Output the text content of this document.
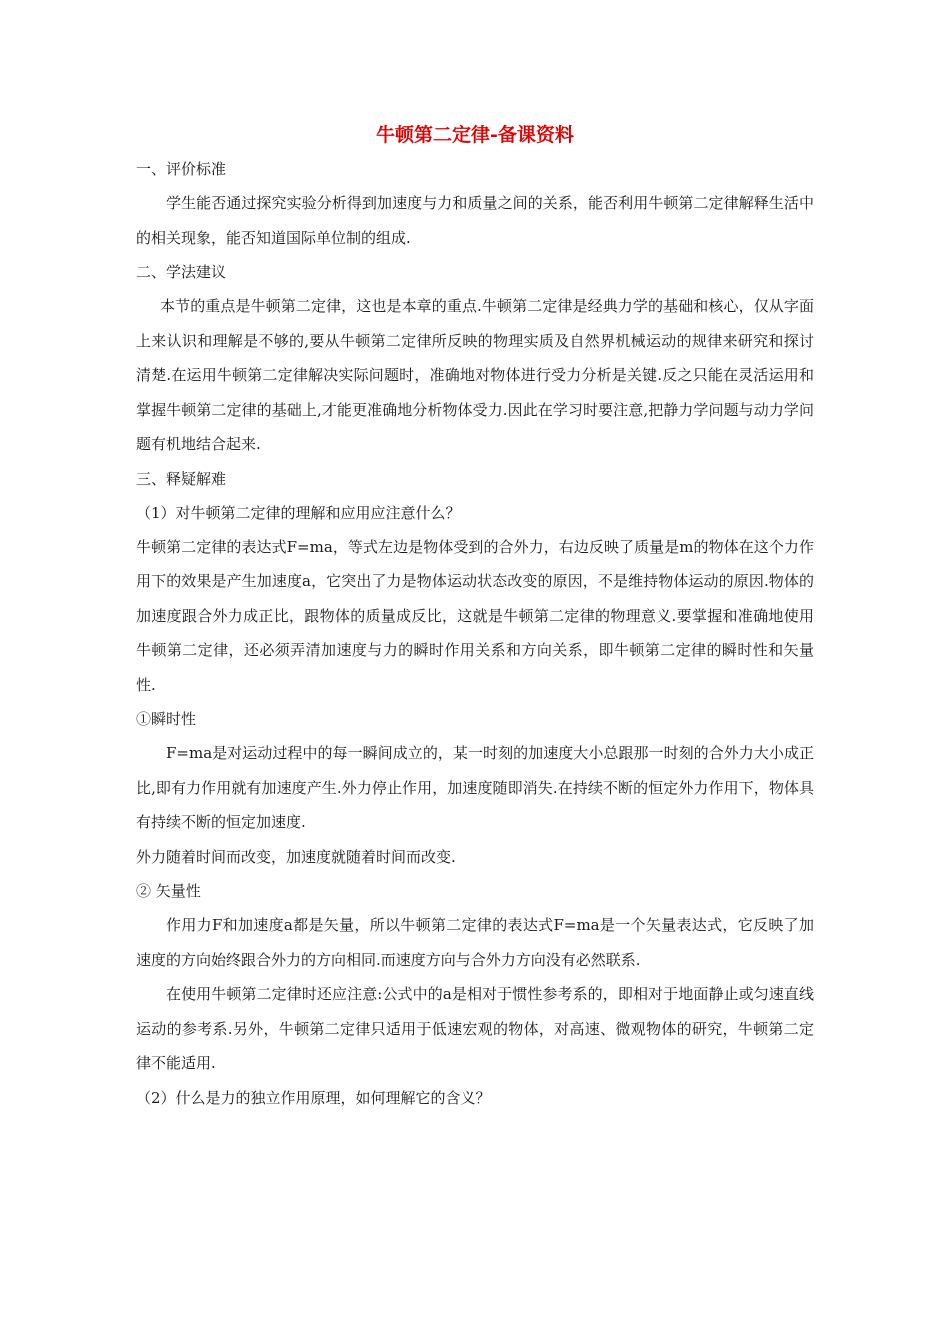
牛顿第二定律-备课资料

一、评价标准

学生能否通过探究实验分析得到加速度与力和质量之间的关系，能否利用牛顿第二定律解释生活中的相关现象，能否知道国际单位制的组成.

二、学法建议

本节的重点是牛顿第二定律，这也是本章的重点.牛顿第二定律是经典力学的基础和核心，仅从字面上来认识和理解是不够的,要从牛顿第二定律所反映的物理实质及自然界机械运动的规律来研究和探讨清楚.在运用牛顿第二定律解决实际问题时，准确地对物体进行受力分析是关键.反之只能在灵活运用和掌握牛顿第二定律的基础上,才能更准确地分析物体受力.因此在学习时要注意,把静力学问题与动力学问题有机地结合起来.

三、释疑解难

（1）对牛顿第二定律的理解和应用应注意什么？

牛顿第二定律的表达式F=ma，等式左边是物体受到的合外力，右边反映了质量是m的物体在这个力作用下的效果是产生加速度a，它突出了力是物体运动状态改变的原因，不是维持物体运动的原因.物体的加速度跟合外力成正比，跟物体的质量成反比，这就是牛顿第二定律的物理意义.要掌握和准确地使用牛顿第二定律，还必须弄清加速度与力的瞬时作用关系和方向关系，即牛顿第二定律的瞬时性和矢量性.

①瞬时性

F=ma是对运动过程中的每一瞬间成立的，某一时刻的加速度大小总跟那一时刻的合外力大小成正比,即有力作用就有加速度产生.外力停止作用，加速度随即消失.在持续不断的恒定外力作用下，物体具有持续不断的恒定加速度.

外力随着时间而改变，加速度就随着时间而改变.

② 矢量性

作用力F和加速度a都是矢量，所以牛顿第二定律的表达式F=ma是一个矢量表达式，它反映了加速度的方向始终跟合外力的方向相同.而速度方向与合外力方向没有必然联系.

在使用牛顿第二定律时还应注意:公式中的a是相对于惯性参考系的，即相对于地面静止或匀速直线运动的参考系.另外，牛顿第二定律只适用于低速宏观的物体，对高速、微观物体的研究，牛顿第二定律不能适用.

（2）什么是力的独立作用原理，如何理解它的含义？
